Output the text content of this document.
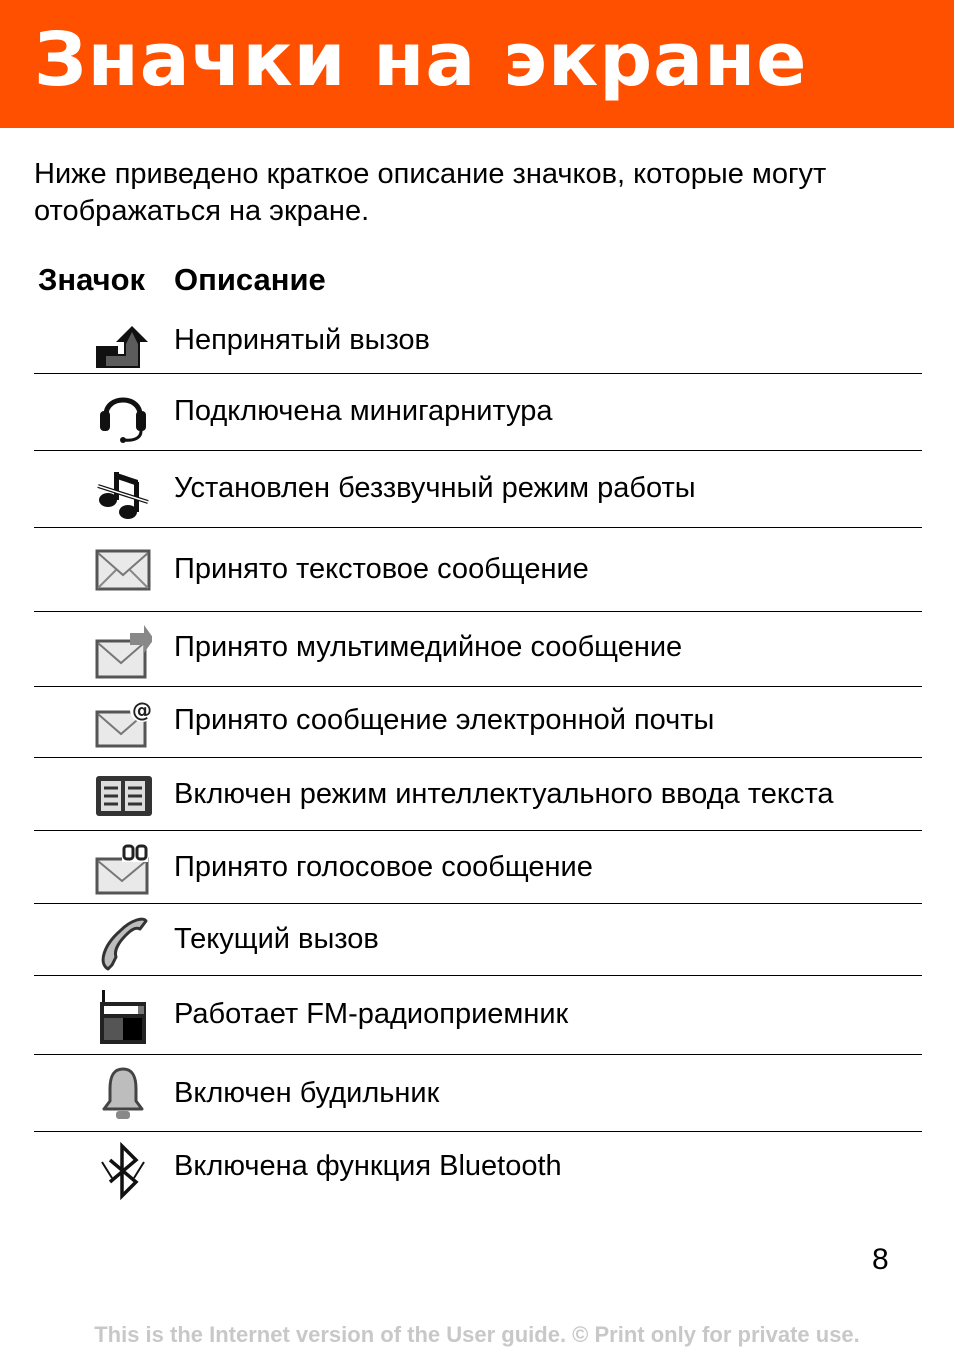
Значки на экране

Ниже приведено краткое описание значков, которые могут отображаться на экране.

Значок Описание
Непринятый вызов
Подключена минигарнитура
Установлен беззвучный режим работы
Принято текстовое сообщение
Принято мультимедийное сообщение
@ Принято сообщение электронной почты
Включен режим интеллектуального ввода текста
Принято голосовое сообщение
Текущий вызов
Работает FM-радиоприемник
Включен будильник
Включена функция Bluetooth
8
This is the Internet version of the User guide. © Print only for private use.
